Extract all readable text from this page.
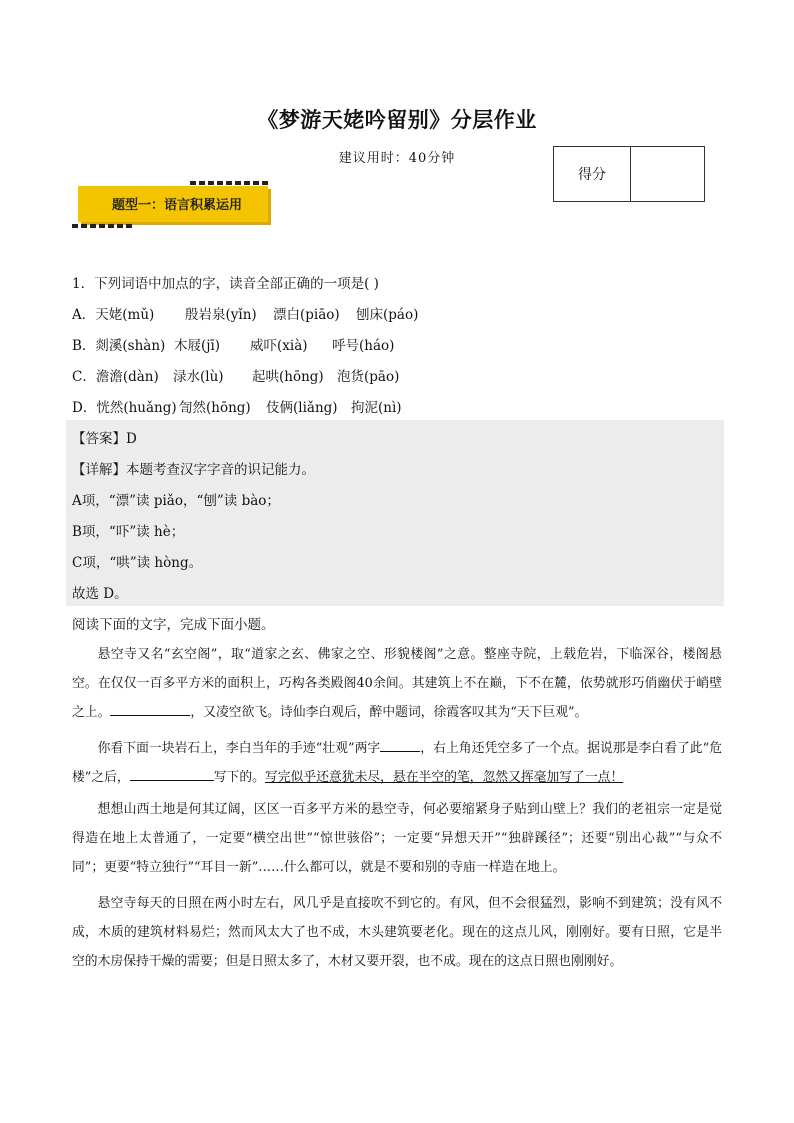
《梦游天姥吟留别》分层作业
建议用时：40分钟
得分
题型一：语言积累运用
1．下列词语中加点的字，读音全部正确的一项是( )
A．天姥(mǔ) 殷岩泉(yǐn) 漂白(piāo) 刨床(páo)
B．剡溪(shàn) 木屐(jī) 威吓(xià) 呼号(háo)
C．澹澹(dàn) 渌水(lù) 起哄(hōng) 泡货(pāo)
D．恍然(huǎng) 訇然(hōng) 伎俩(liǎng) 拘泥(nì)
【答案】D
【详解】本题考查汉字字音的识记能力。
A项，“漂”读 piǎo，“刨”读 bào；
B项，“吓”读 hè；
C项，“哄”读 hòng。
故选 D。
阅读下面的文字，完成下面小题。
悬空寺又名“玄空阁”，取“道家之玄、佛家之空、形貌楼阁”之意。整座寺院，上载危岩，下临深谷，楼阁悬空。在仅仅一百多平方米的面积上，巧构各类殿阁40余间。其建筑上不在巅，下不在麓，依势就形巧俏幽伏于峭壁之上。	，又凌空欲飞。诗仙李白观后，醉中题词，徐霞客叹其为“天下巨观”。
你看下面一块岩石上，李白当年的手迹“壮观”两字	，右上角还凭空多了一个点。据说那是李白看了此“危楼”之后，	写下的。写完似乎还意犹未尽，悬在半空的笔，忽然又挥毫加写了一点！
想想山西土地是何其辽阔，区区一百多平方米的悬空寺，何必要缩紧身子贴到山壁上？我们的老祖宗一定是觉得造在地上太普通了，一定要“横空出世”“惊世骇俗”；一定要“异想天开”“独辟蹊径”；还要“别出心裁”“与众不同”；更要“特立独行”“耳目一新”……什么都可以，就是不要和别的寺庙一样造在地上。
悬空寺每天的日照在两小时左右，风几乎是直接吹不到它的。有风，但不会很猛烈，影响不到建筑；没有风不成，木质的建筑材料易烂；然而风太大了也不成，木头建筑要老化。现在的这点儿风，刚刚好。要有日照，它是半空的木房保持干燥的需要；但是日照太多了，木材又要开裂，也不成。现在的这点日照也刚刚好。
